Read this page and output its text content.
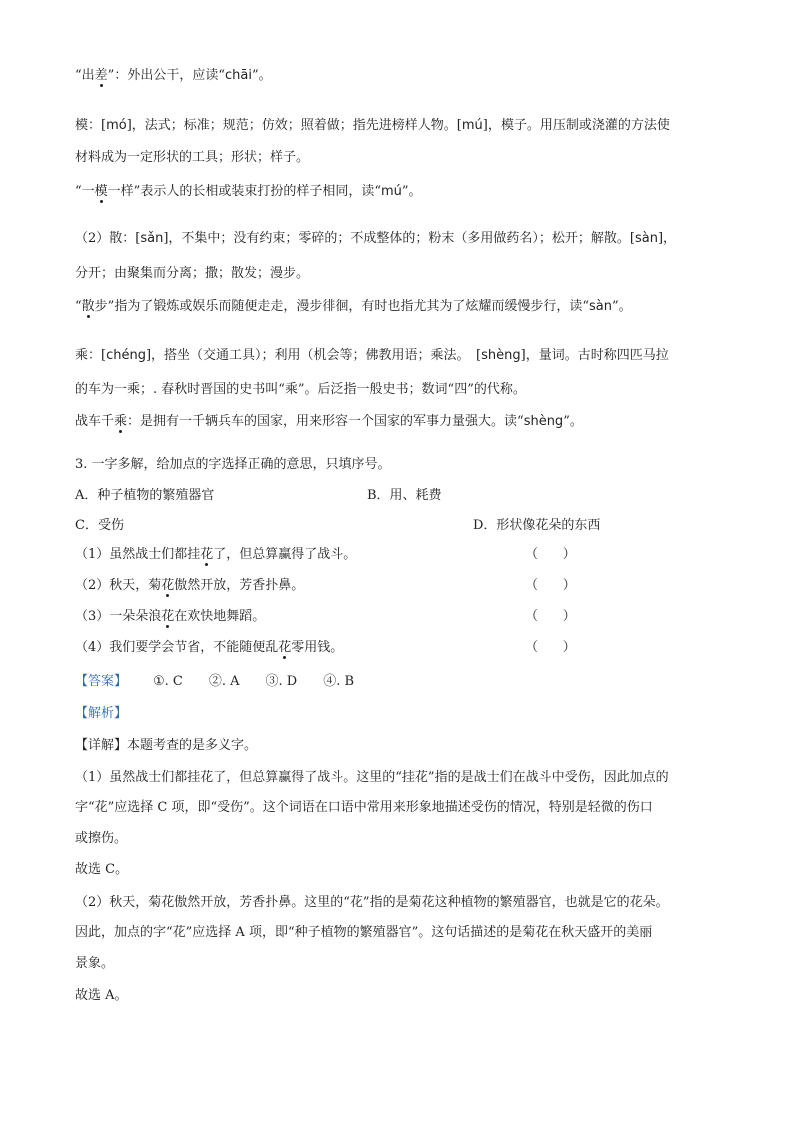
“出差”：外出公干，应读“chāi”。
模：[mó]，法式；标准；规范；仿效；照着做；指先进榜样人物。[mú]，模子。用压制或浇灌的方法使
材料成为一定形状的工具；形状；样子。
“一模一样”表示人的长相或装束打扮的样子相同，读“mú”。
（2）散：[sǎn]，不集中；没有约束；零碎的；不成整体的；粉末（多用做药名）；松开；解散。[sàn]，
分开；由聚集而分离；撒；散发；漫步。
“散步”指为了锻炼或娱乐而随便走走，漫步徘徊，有时也指尤其为了炫耀而缓慢步行，读“sàn”。
乘：[chéng]，搭坐（交通工具）；利用（机会等；佛教用语；乘法。　[shèng]，量词。古时称四匹马拉
的车为一乘；. 春秋时晋国的史书叫“乘”。后泛指一般史书；数词“四”的代称。
战车千乘：是拥有一千辆兵车的国家，用来形容一个国家的军事力量强大。读“shèng”。
3. 一字多解，给加点的字选择正确的意思，只填序号。
A．种子植物的繁殖器官	B．用、耗费
C．受伤	D．形状像花朵的东西
（1）虽然战士们都挂花了，但总算赢得了战斗。	（      ）
（2）秋天，菊花傲然开放，芳香扑鼻。	（      ）
（3）一朵朵浪花在欢快地舞蹈。	（      ）
（4）我们要学会节省，不能随便乱花零用钱。	（      ）
【答案】 ①. C　　②. A　　③. D　　④. B
【解析】
【详解】本题考查的是多义字。
（1）虽然战士们都挂花了，但总算赢得了战斗。这里的“挂花”指的是战士们在战斗中受伤，因此加点的
字“花”应选择 C 项，即“受伤”。这个词语在口语中常用来形象地描述受伤的情况，特别是轻微的伤口
或擦伤。
故选 C。
（2）秋天，菊花傲然开放，芳香扑鼻。这里的“花”指的是菊花这种植物的繁殖器官，也就是它的花朵。
因此，加点的字“花”应选择 A 项，即“种子植物的繁殖器官”。这句话描述的是菊花在秋天盛开的美丽
景象。
故选 A。
